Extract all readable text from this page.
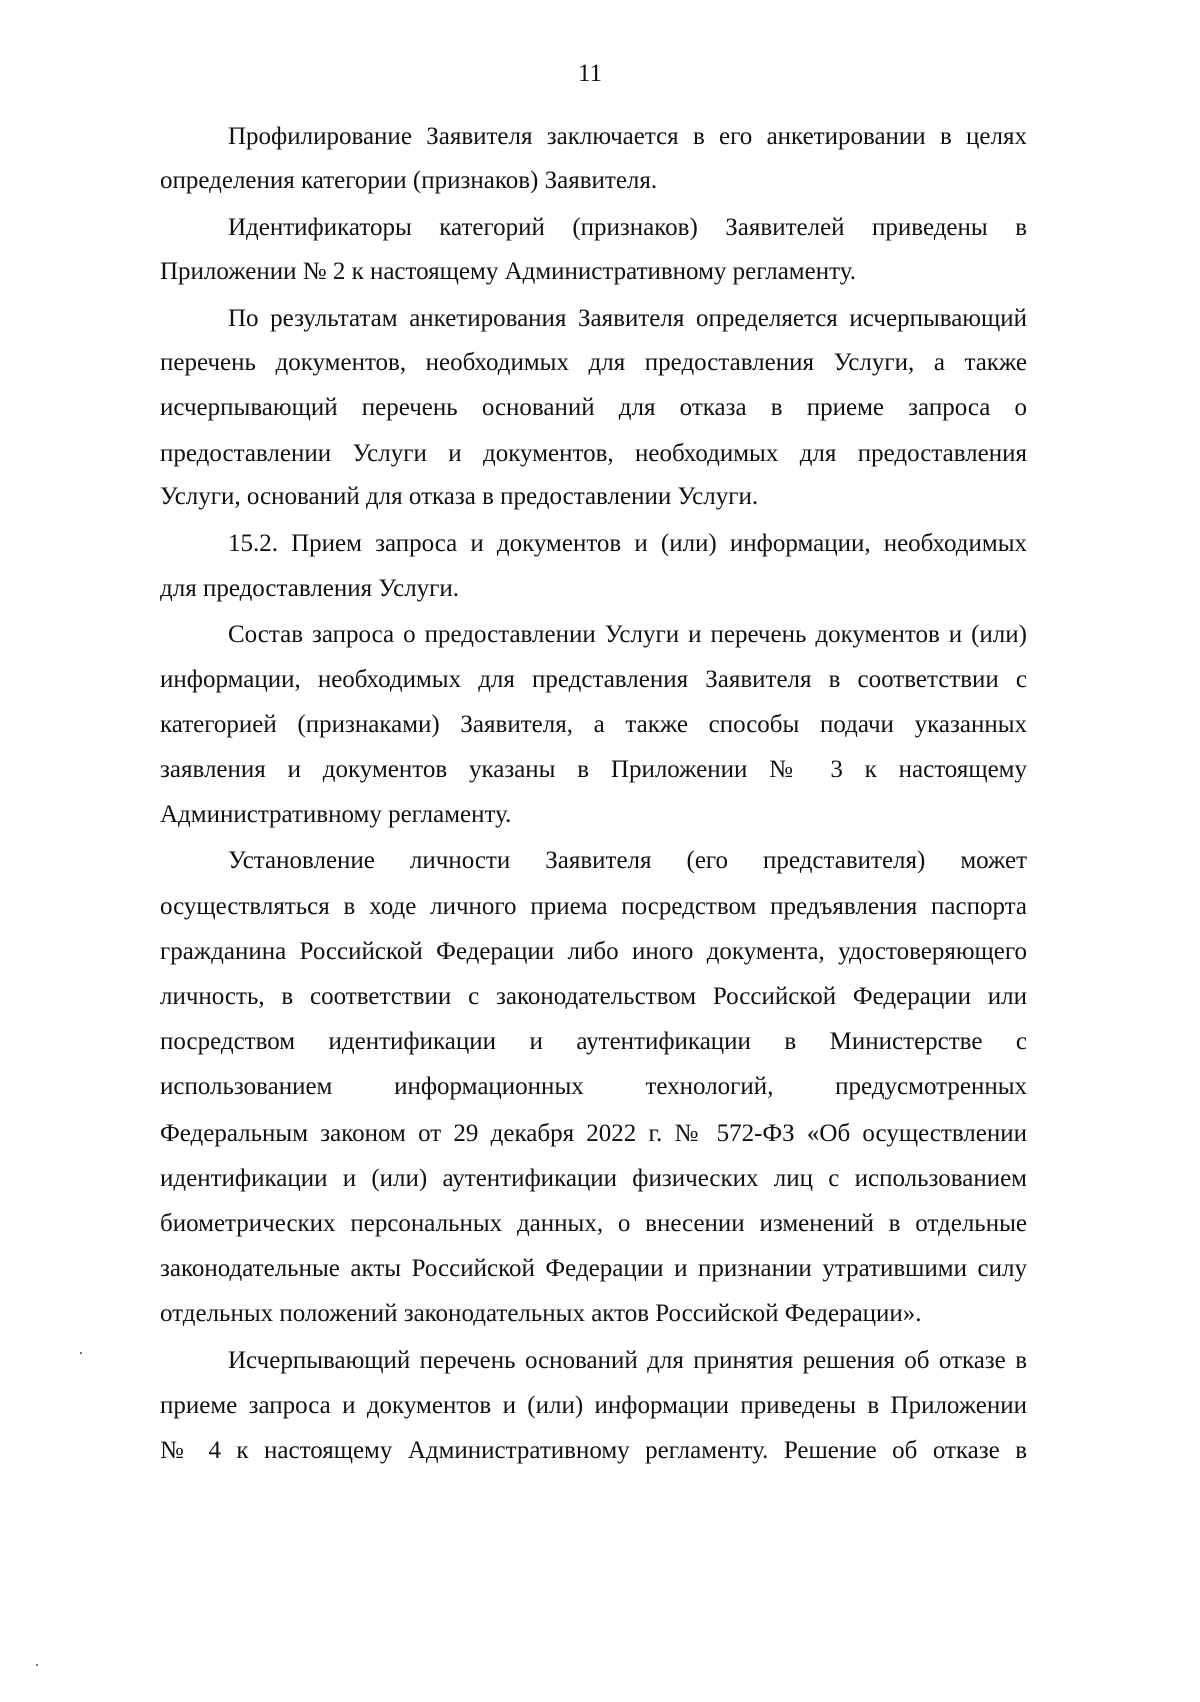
11
Профилирование Заявителя заключается в его анкетировании в целях
определения категории (признаков) Заявителя.
Идентификаторы категорий (признаков) Заявителей приведены в
Приложении № 2 к настоящему Административному регламенту.
По результатам анкетирования Заявителя определяется исчерпывающий
перечень документов, необходимых для предоставления Услуги, а также
исчерпывающий перечень оснований для отказа в приеме запроса о
предоставлении Услуги и документов, необходимых для предоставления
Услуги, оснований для отказа в предоставлении Услуги.
15.2. Прием запроса и документов и (или) информации, необходимых
для предоставления Услуги.
Состав запроса о предоставлении Услуги и перечень документов и (или)
информации, необходимых для представления Заявителя в соответствии с
категорией (признаками) Заявителя, а также способы подачи указанных
заявления и документов указаны в Приложении № 3 к настоящему
Административному регламенту.
Установление личности Заявителя (его представителя) может
осуществляться в ходе личного приема посредством предъявления паспорта
гражданина Российской Федерации либо иного документа, удостоверяющего
личность, в соответствии с законодательством Российской Федерации или
посредством идентификации и аутентификации в Министерстве с
использованием информационных технологий, предусмотренных
Федеральным законом от 29 декабря 2022 г. № 572-ФЗ «Об осуществлении
идентификации и (или) аутентификации физических лиц с использованием
биометрических персональных данных, о внесении изменений в отдельные
законодательные акты Российской Федерации и признании утратившими силу
отдельных положений законодательных актов Российской Федерации».
Исчерпывающий перечень оснований для принятия решения об отказе в
приеме запроса и документов и (или) информации приведены в Приложении
№ 4 к настоящему Административному регламенту. Решение об отказе в
